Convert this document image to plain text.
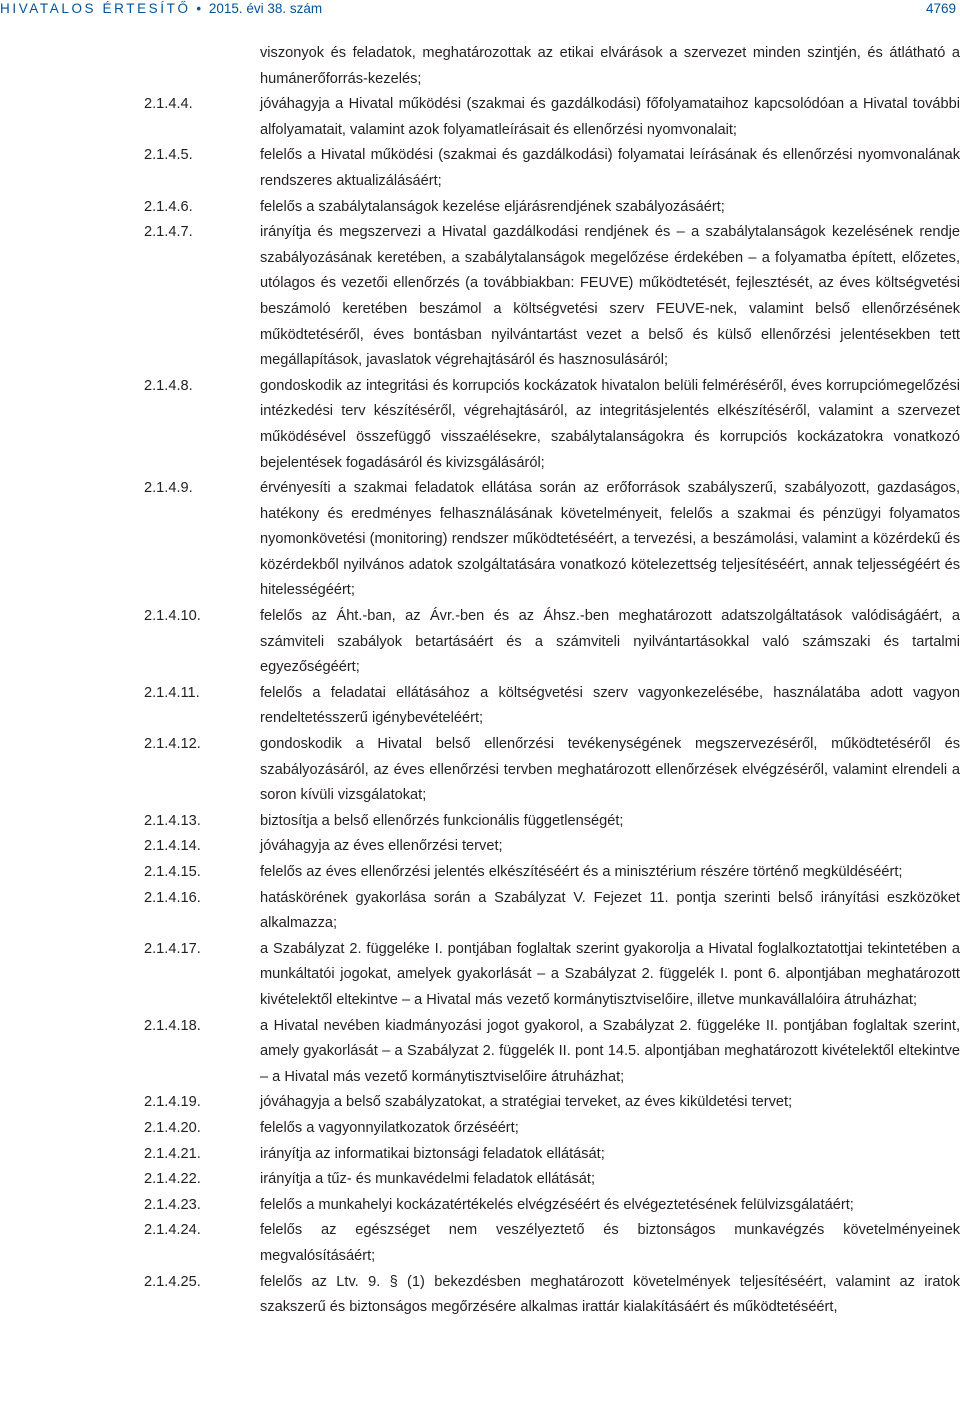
HIVATALOS ÉRTESÍTŐ • 2015. évi 38. szám	4769
viszonyok és feladatok, meghatározottak az etikai elvárások a szervezet minden szintjén, és átlátható a humánerőforrás-kezelés;
2.1.4.4.	jóváhagyja a Hivatal működési (szakmai és gazdálkodási) főfolyamataihoz kapcsolódóan a Hivatal további alfolyamatait, valamint azok folyamatleírásait és ellenőrzési nyomvonalait;
2.1.4.5.	felelős a Hivatal működési (szakmai és gazdálkodási) folyamatai leírásának és ellenőrzési nyomvonalának rendszeres aktualizálásáért;
2.1.4.6.	felelős a szabálytalanságok kezelése eljárásrendjének szabályozásáért;
2.1.4.7.	irányítja és megszervezi a Hivatal gazdálkodási rendjének és – a szabálytalanságok kezelésének rendje szabályozásának keretében, a szabálytalanságok megelőzése érdekében – a folyamatba épített, előzetes, utólagos és vezetői ellenőrzés (a továbbiakban: FEUVE) működtetését, fejlesztését, az éves költségvetési beszámoló keretében beszámol a költségvetési szerv FEUVE-nek, valamint belső ellenőrzésének működtetéséről, éves bontásban nyilvántartást vezet a belső és külső ellenőrzési jelentésekben tett megállapítások, javaslatok végrehajtásáról és hasznosulásáról;
2.1.4.8.	gondoskodik az integritási és korrupciós kockázatok hivatalon belüli felméréséről, éves korrupciómegelőzési intézkedési terv készítéséről, végrehajtásáról, az integritásjelentés elkészítéséről, valamint a szervezet működésével összefüggő visszaélésekre, szabálytalanságokra és korrupciós kockázatokra vonatkozó bejelentések fogadásáról és kivizsgálásáról;
2.1.4.9.	érvényesíti a szakmai feladatok ellátása során az erőforrások szabályszerű, szabályozott, gazdaságos, hatékony és eredményes felhasználásának követelményeit, felelős a szakmai és pénzügyi folyamatos nyomonkövetési (monitoring) rendszer működtetéséért, a tervezési, a beszámolási, valamint a közérdekű és közérdekből nyilvános adatok szolgáltatására vonatkozó kötelezettség teljesítéséért, annak teljességéért és hitelességéért;
2.1.4.10.	felelős az Áht.-ban, az Ávr.-ben és az Áhsz.-ben meghatározott adatszolgáltatások valódiságáért, a számviteli szabályok betartásáért és a számviteli nyilvántartásokkal való számszaki és tartalmi egyezőségéért;
2.1.4.11.	felelős a feladatai ellátásához a költségvetési szerv vagyonkezelésébe, használatába adott vagyon rendeltetésszerű igénybevételéért;
2.1.4.12.	gondoskodik a Hivatal belső ellenőrzési tevékenységének megszervezéséről, működtetéséről és szabályozásáról, az éves ellenőrzési tervben meghatározott ellenőrzések elvégzéséről, valamint elrendeli a soron kívüli vizsgálatokat;
2.1.4.13.	biztosítja a belső ellenőrzés funkcionális függetlenségét;
2.1.4.14.	jóváhagyja az éves ellenőrzési tervet;
2.1.4.15.	felelős az éves ellenőrzési jelentés elkészítéséért és a minisztérium részére történő megküldéséért;
2.1.4.16.	hatáskörének gyakorlása során a Szabályzat V. Fejezet 11. pontja szerinti belső irányítási eszközöket alkalmazza;
2.1.4.17.	a Szabályzat 2. függeléke I. pontjában foglaltak szerint gyakorolja a Hivatal foglalkoztatottjai tekintetében a munkáltatói jogokat, amelyek gyakorlását – a Szabályzat 2. függelék I. pont 6. alpontjában meghatározott kivételektől eltekintve – a Hivatal más vezető kormánytisztviselőire, illetve munkavállalóira átruházhat;
2.1.4.18.	a Hivatal nevében kiadmányozási jogot gyakorol, a Szabályzat 2. függeléke II. pontjában foglaltak szerint, amely gyakorlását – a Szabályzat 2. függelék II. pont 14.5. alpontjában meghatározott kivételektől eltekintve – a Hivatal más vezető kormánytisztviselőire átruházhat;
2.1.4.19.	jóváhagyja a belső szabályzatokat, a stratégiai terveket, az éves kiküldetési tervet;
2.1.4.20.	felelős a vagyonnyilatkozatok őrzéséért;
2.1.4.21.	irányítja az informatikai biztonsági feladatok ellátását;
2.1.4.22.	irányítja a tűz- és munkavédelmi feladatok ellátását;
2.1.4.23.	felelős a munkahelyi kockázatértékelés elvégzéséért és elvégeztetésének felülvizsgálatáért;
2.1.4.24.	felelős az egészséget nem veszélyeztető és biztonságos munkavégzés követelményeinek megvalósításáért;
2.1.4.25.	felelős az Ltv. 9. § (1) bekezdésben meghatározott követelmények teljesítéséért, valamint az iratok szakszerű és biztonságos megőrzésére alkalmas irattár kialakításáért és működtetéséért,
